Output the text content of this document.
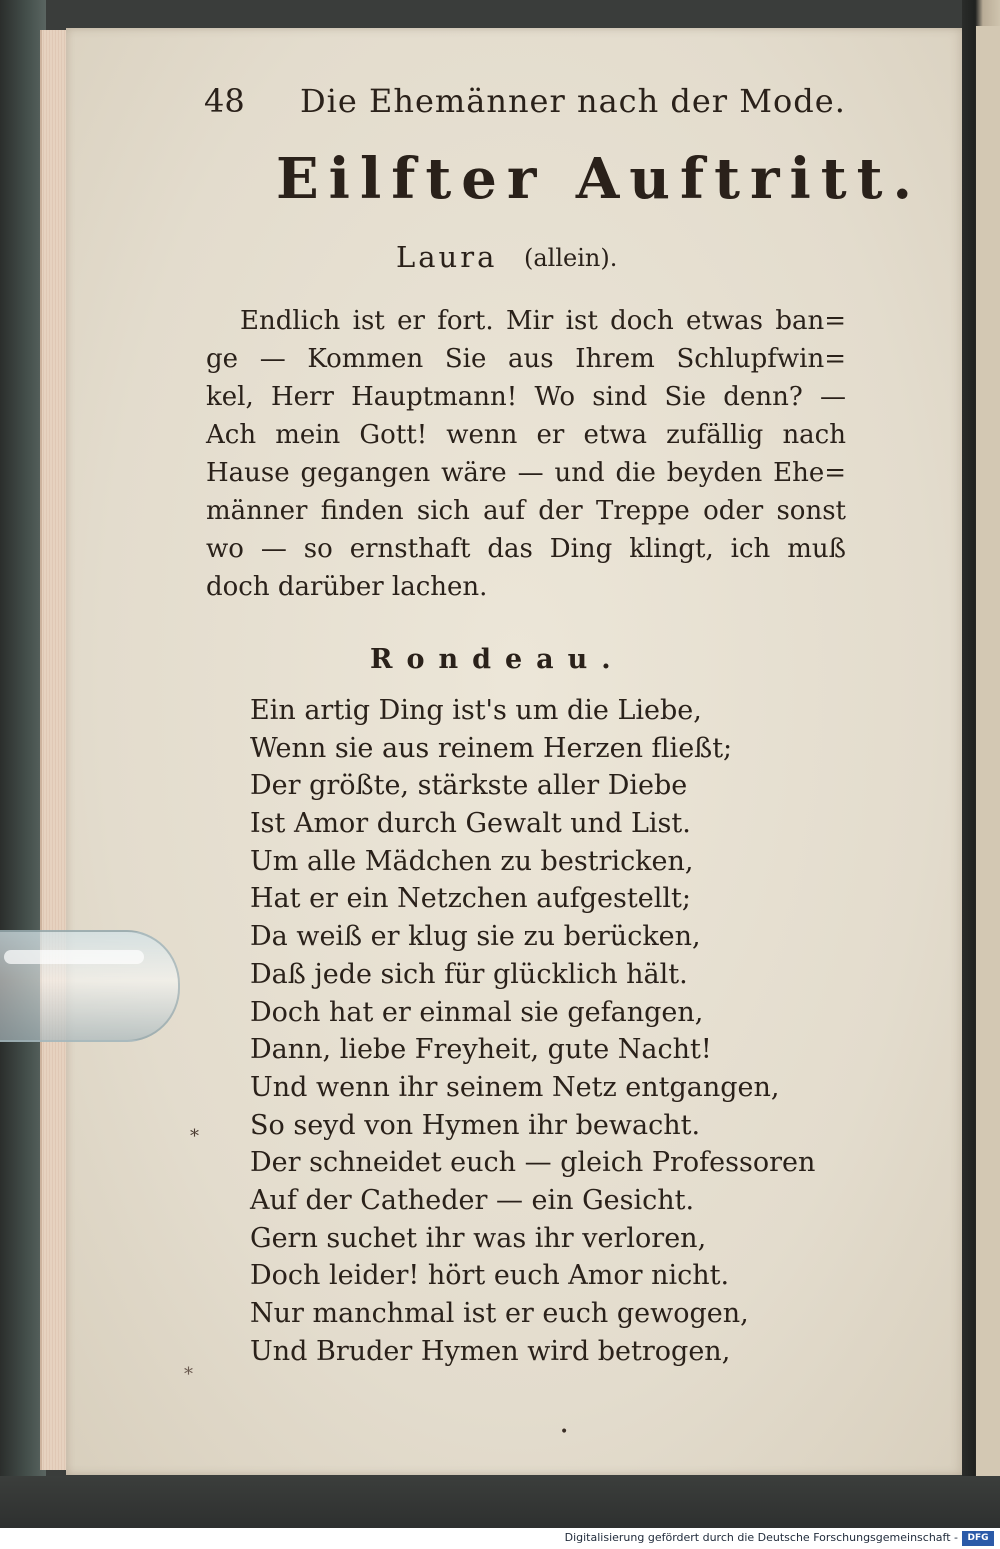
48 Die Ehemänner nach der Mode.
Eilfter Auftritt.
Laura (allein).
Endlich ist er fort. Mir ist doch etwas ban=
ge — Kommen Sie aus Ihrem Schlupfwin=
kel, Herr Hauptmann! Wo sind Sie denn? —
Ach mein Gott! wenn er etwa zufällig nach
Hause gegangen wäre — und die beyden Ehe=
männer finden sich auf der Treppe oder sonst
wo — so ernsthaft das Ding klingt, ich muß
doch darüber lachen.
Rondeau.
Ein artig Ding ist's um die Liebe,
Wenn sie aus reinem Herzen fließt;
Der größte, stärkste aller Diebe
Ist Amor durch Gewalt und List.
Um alle Mädchen zu bestricken,
Hat er ein Netzchen aufgestellt;
Da weiß er klug sie zu berücken,
Daß jede sich für glücklich hält.
Doch hat er einmal sie gefangen,
Dann, liebe Freyheit, gute Nacht!
Und wenn ihr seinem Netz entgangen,
So seyd von Hymen ihr bewacht.
Der schneidet euch — gleich Professoren
Auf der Catheder — ein Gesicht.
Gern suchet ihr was ihr verloren,
Doch leider! hört euch Amor nicht.
Nur manchmal ist er euch gewogen,
Und Bruder Hymen wird betrogen,
*
*
•
Digitalisierung gefördert durch die Deutsche Forschungsgemeinschaft -	DFG
